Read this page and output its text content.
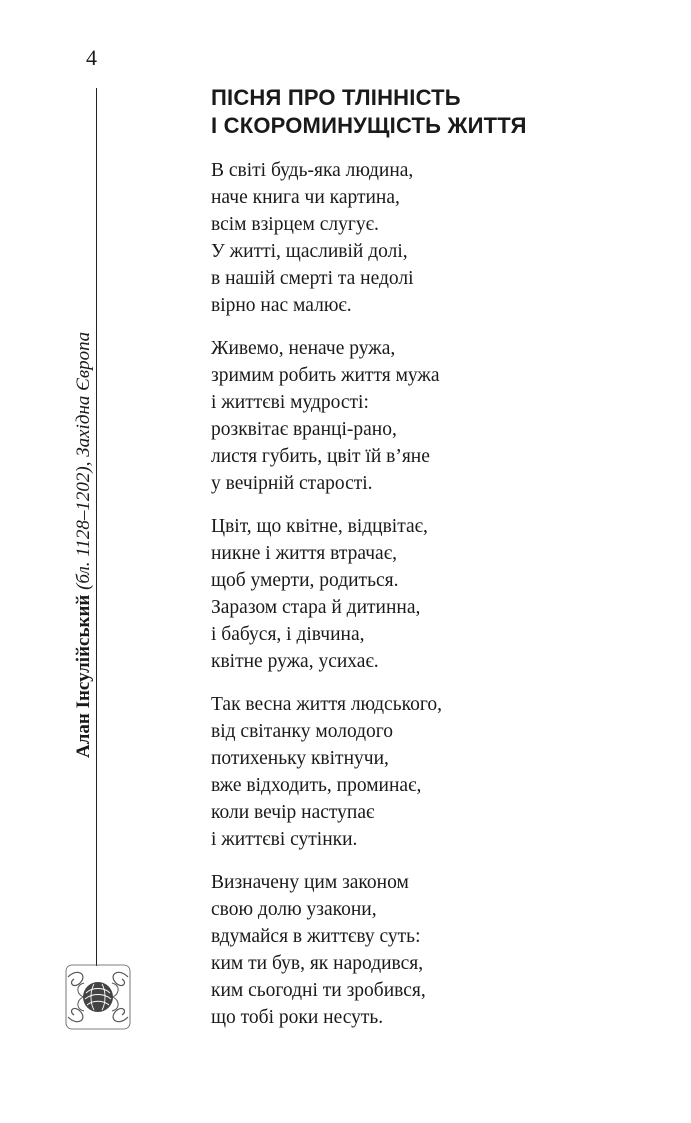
4
Алан Інсулійський (бл. 1128–1202), Західна Європа
ПІСНЯ ПРО ТЛІННІСТЬ
І СКОРОМИНУЩІСТЬ ЖИТТЯ
В світі будь-яка людина,
наче книга чи картина,
всім взірцем слугує.
У житті, щасливій долі,
в нашій смерті та недолі
вірно нас малює.
Живемо, неначе ружа,
зримим робить життя мужа
і життєві мудрості:
розквітає вранці-рано,
листя губить, цвіт їй в’яне
у вечірній старості.
Цвіт, що квітне, відцвітає,
никне і життя втрачає,
щоб умерти, родиться.
Заразом стара й дитинна,
і бабуся, і дівчина,
квітне ружа, усихає.
Так весна життя людського,
від світанку молодого
потихеньку квітнучи,
вже відходить, проминає,
коли вечір наступає
і життєві сутінки.
Визначену цим законом
свою долю узакони,
вдумайся в життєву суть:
ким ти був, як народився,
ким сьогодні ти зробився,
що тобі роки несуть.
